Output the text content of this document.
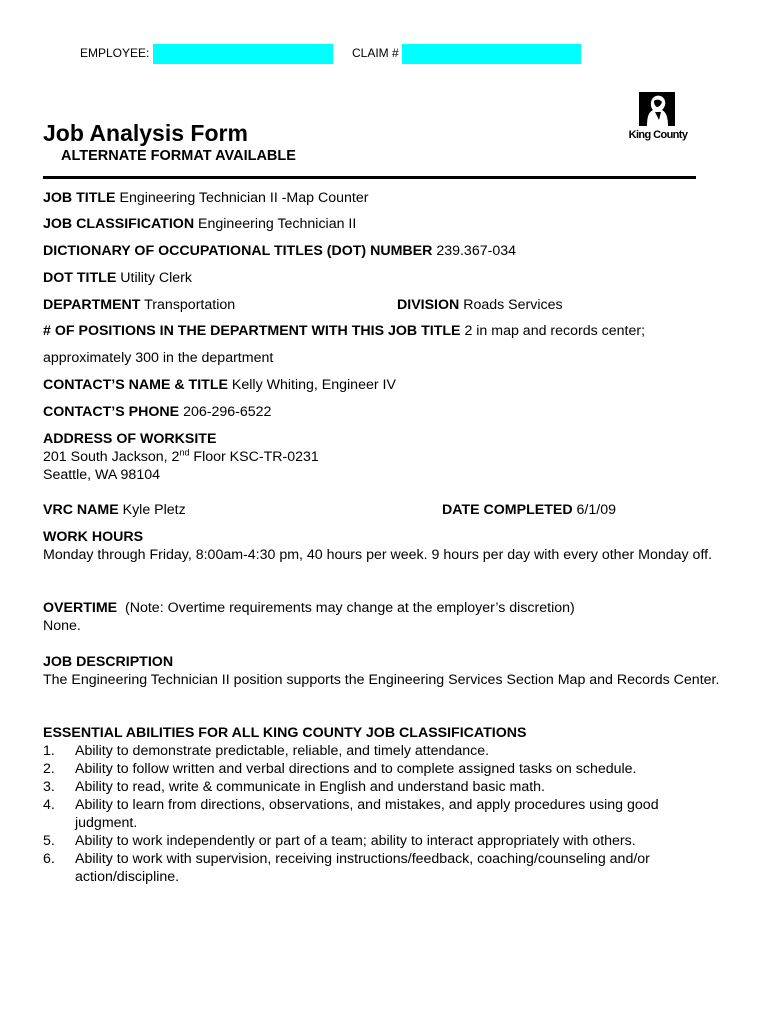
EMPLOYEE:	CLAIM #
King County
Job Analysis Form
ALTERNATE FORMAT AVAILABLE
JOB TITLE Engineering Technician II -Map Counter
JOB CLASSIFICATION Engineering Technician II
DICTIONARY OF OCCUPATIONAL TITLES (DOT) NUMBER 239.367-034
DOT TITLE Utility Clerk
DEPARTMENT Transportation	DIVISION Roads Services
# OF POSITIONS IN THE DEPARTMENT WITH THIS JOB TITLE 2 in map and records center;
approximately 300 in the department
CONTACT’S NAME & TITLE Kelly Whiting, Engineer IV
CONTACT’S PHONE 206-296-6522
ADDRESS OF WORKSITE
201 South Jackson, 2nd Floor KSC-TR-0231
Seattle, WA 98104
VRC NAME Kyle Pletz	DATE COMPLETED 6/1/09
WORK HOURS
Monday through Friday, 8:00am-4:30 pm, 40 hours per week. 9 hours per day with every other Monday off.
OVERTIME (Note: Overtime requirements may change at the employer’s discretion)
None.
JOB DESCRIPTION
The Engineering Technician II position supports the Engineering Services Section Map and Records Center.
ESSENTIAL ABILITIES FOR ALL KING COUNTY JOB CLASSIFICATIONS
1.	Ability to demonstrate predictable, reliable, and timely attendance.
2.	Ability to follow written and verbal directions and to complete assigned tasks on schedule.
3.	Ability to read, write & communicate in English and understand basic math.
4.	Ability to learn from directions, observations, and mistakes, and apply procedures using good judgment.
5.	Ability to work independently or part of a team; ability to interact appropriately with others.
6.	Ability to work with supervision, receiving instructions/feedback, coaching/counseling and/or action/discipline.
